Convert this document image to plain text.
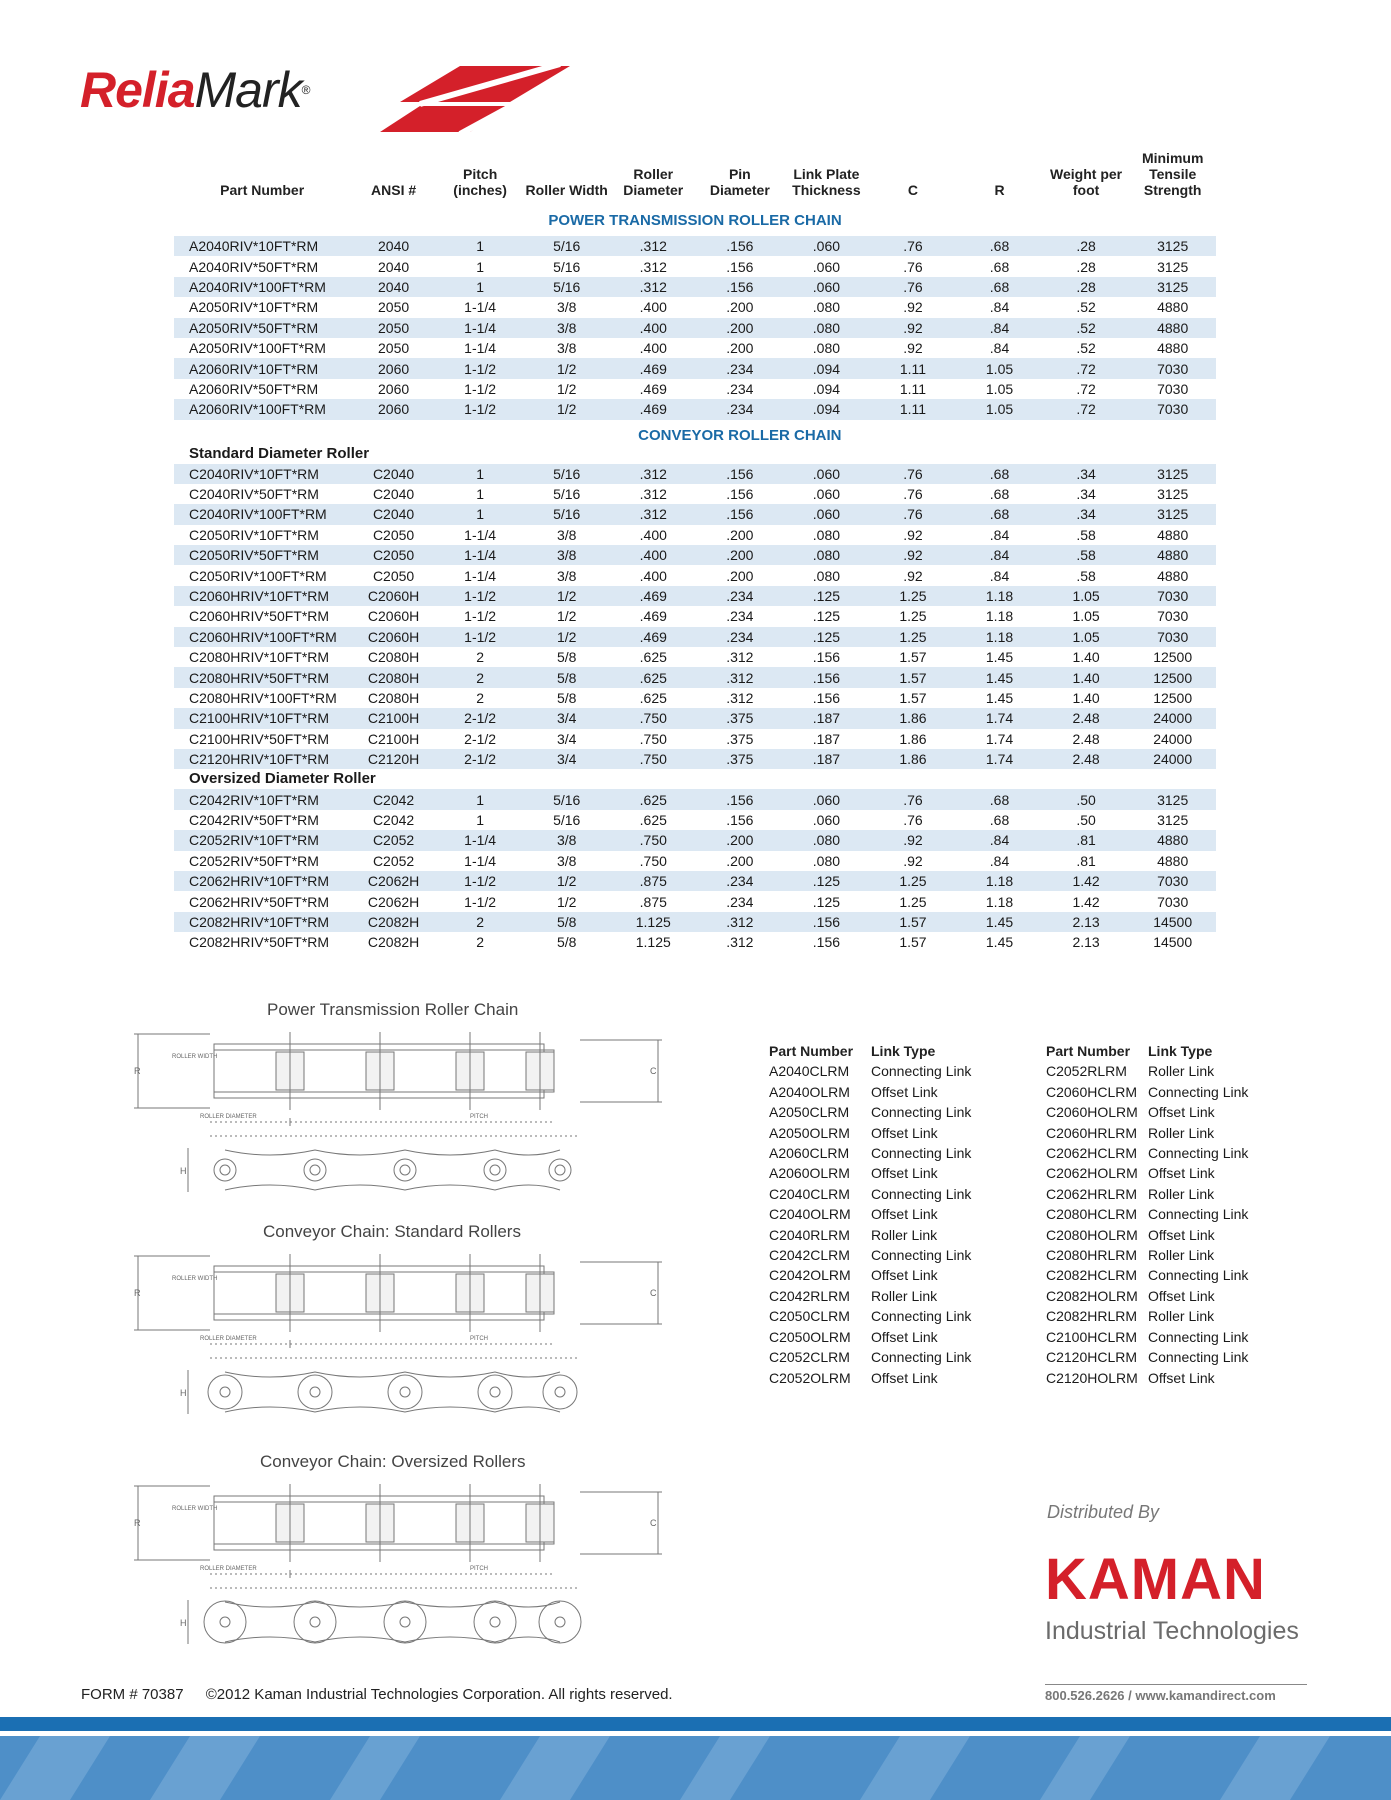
ReliaMark®
Part Number	ANSI #	Pitch (inches)	Roller Width	Roller Diameter	Pin Diameter	Link Plate Thickness	C	R	Weight per foot	Minimum Tensile Strength
POWER TRANSMISSION ROLLER CHAIN										
A2040RIV*10FT*RM	2040	1	5/16	.312	.156	.060	.76	.68	.28	3125
A2040RIV*50FT*RM	2040	1	5/16	.312	.156	.060	.76	.68	.28	3125
A2040RIV*100FT*RM	2040	1	5/16	.312	.156	.060	.76	.68	.28	3125
A2050RIV*10FT*RM	2050	1-1/4	3/8	.400	.200	.080	.92	.84	.52	4880
A2050RIV*50FT*RM	2050	1-1/4	3/8	.400	.200	.080	.92	.84	.52	4880
A2050RIV*100FT*RM	2050	1-1/4	3/8	.400	.200	.080	.92	.84	.52	4880
A2060RIV*10FT*RM	2060	1-1/2	1/2	.469	.234	.094	1.11	1.05	.72	7030
A2060RIV*50FT*RM	2060	1-1/2	1/2	.469	.234	.094	1.11	1.05	.72	7030
A2060RIV*100FT*RM	2060	1-1/2	1/2	.469	.234	.094	1.11	1.05	.72	7030
Standard Diameter Roller			CONVEYOR ROLLER CHAIN							
C2040RIV*10FT*RM	C2040	1	5/16	.312	.156	.060	.76	.68	.34	3125
C2040RIV*50FT*RM	C2040	1	5/16	.312	.156	.060	.76	.68	.34	3125
C2040RIV*100FT*RM	C2040	1	5/16	.312	.156	.060	.76	.68	.34	3125
C2050RIV*10FT*RM	C2050	1-1/4	3/8	.400	.200	.080	.92	.84	.58	4880
C2050RIV*50FT*RM	C2050	1-1/4	3/8	.400	.200	.080	.92	.84	.58	4880
C2050RIV*100FT*RM	C2050	1-1/4	3/8	.400	.200	.080	.92	.84	.58	4880
C2060HRIV*10FT*RM	C2060H	1-1/2	1/2	.469	.234	.125	1.25	1.18	1.05	7030
C2060HRIV*50FT*RM	C2060H	1-1/2	1/2	.469	.234	.125	1.25	1.18	1.05	7030
C2060HRIV*100FT*RM	C2060H	1-1/2	1/2	.469	.234	.125	1.25	1.18	1.05	7030
C2080HRIV*10FT*RM	C2080H	2	5/8	.625	.312	.156	1.57	1.45	1.40	12500
C2080HRIV*50FT*RM	C2080H	2	5/8	.625	.312	.156	1.57	1.45	1.40	12500
C2080HRIV*100FT*RM	C2080H	2	5/8	.625	.312	.156	1.57	1.45	1.40	12500
C2100HRIV*10FT*RM	C2100H	2-1/2	3/4	.750	.375	.187	1.86	1.74	2.48	24000
C2100HRIV*50FT*RM	C2100H	2-1/2	3/4	.750	.375	.187	1.86	1.74	2.48	24000
C2120HRIV*10FT*RM	C2120H	2-1/2	3/4	.750	.375	.187	1.86	1.74	2.48	24000
Oversized Diameter Roller										
C2042RIV*10FT*RM	C2042	1	5/16	.625	.156	.060	.76	.68	.50	3125
C2042RIV*50FT*RM	C2042	1	5/16	.625	.156	.060	.76	.68	.50	3125
C2052RIV*10FT*RM	C2052	1-1/4	3/8	.750	.200	.080	.92	.84	.81	4880
C2052RIV*50FT*RM	C2052	1-1/4	3/8	.750	.200	.080	.92	.84	.81	4880
C2062HRIV*10FT*RM	C2062H	1-1/2	1/2	.875	.234	.125	1.25	1.18	1.42	7030
C2062HRIV*50FT*RM	C2062H	1-1/2	1/2	.875	.234	.125	1.25	1.18	1.42	7030
C2082HRIV*10FT*RM	C2082H	2	5/8	1.125	.312	.156	1.57	1.45	2.13	14500
C2082HRIV*50FT*RM	C2082H	2	5/8	1.125	.312	.156	1.57	1.45	2.13	14500
Power Transmission Roller Chain
R	C
ROLLER WIDTH
ROLLER DIAMETER	PITCH
H
Conveyor Chain: Standard Rollers
R	C
ROLLER WIDTH
ROLLER DIAMETER	PITCH
H
Conveyor Chain: Oversized Rollers
R	C
ROLLER WIDTH
ROLLER DIAMETER	PITCH
H
Part Number Link Type
A2040CLRM Connecting Link
A2040OLRM Offset Link
A2050CLRM Connecting Link
A2050OLRM Offset Link
A2060CLRM Connecting Link
A2060OLRM Offset Link
C2040CLRM Connecting Link
C2040OLRM Offset Link
C2040RLRM Roller Link
C2042CLRM Connecting Link
C2042OLRM Offset Link
C2042RLRM Roller Link
C2050CLRM Connecting Link
C2050OLRM Offset Link
C2052CLRM Connecting Link
C2052OLRM Offset Link
Part Number Link Type
C2052RLRM Roller Link
C2060HCLRM Connecting Link
C2060HOLRM Offset Link
C2060HRLRM Roller Link
C2062HCLRM Connecting Link
C2062HOLRM Offset Link
C2062HRLRM Roller Link
C2080HCLRM Connecting Link
C2080HOLRM Offset Link
C2080HRLRM Roller Link
C2082HCLRM Connecting Link
C2082HOLRM Offset Link
C2082HRLRM Roller Link
C2100HCLRM Connecting Link
C2120HCLRM Connecting Link
C2120HOLRM Offset Link
Distributed By
KAMAN
Industrial Technologies
800.526.2626 / www.kamandirect.com
FORM # 70387 ©2012 Kaman Industrial Technologies Corporation. All rights reserved.
